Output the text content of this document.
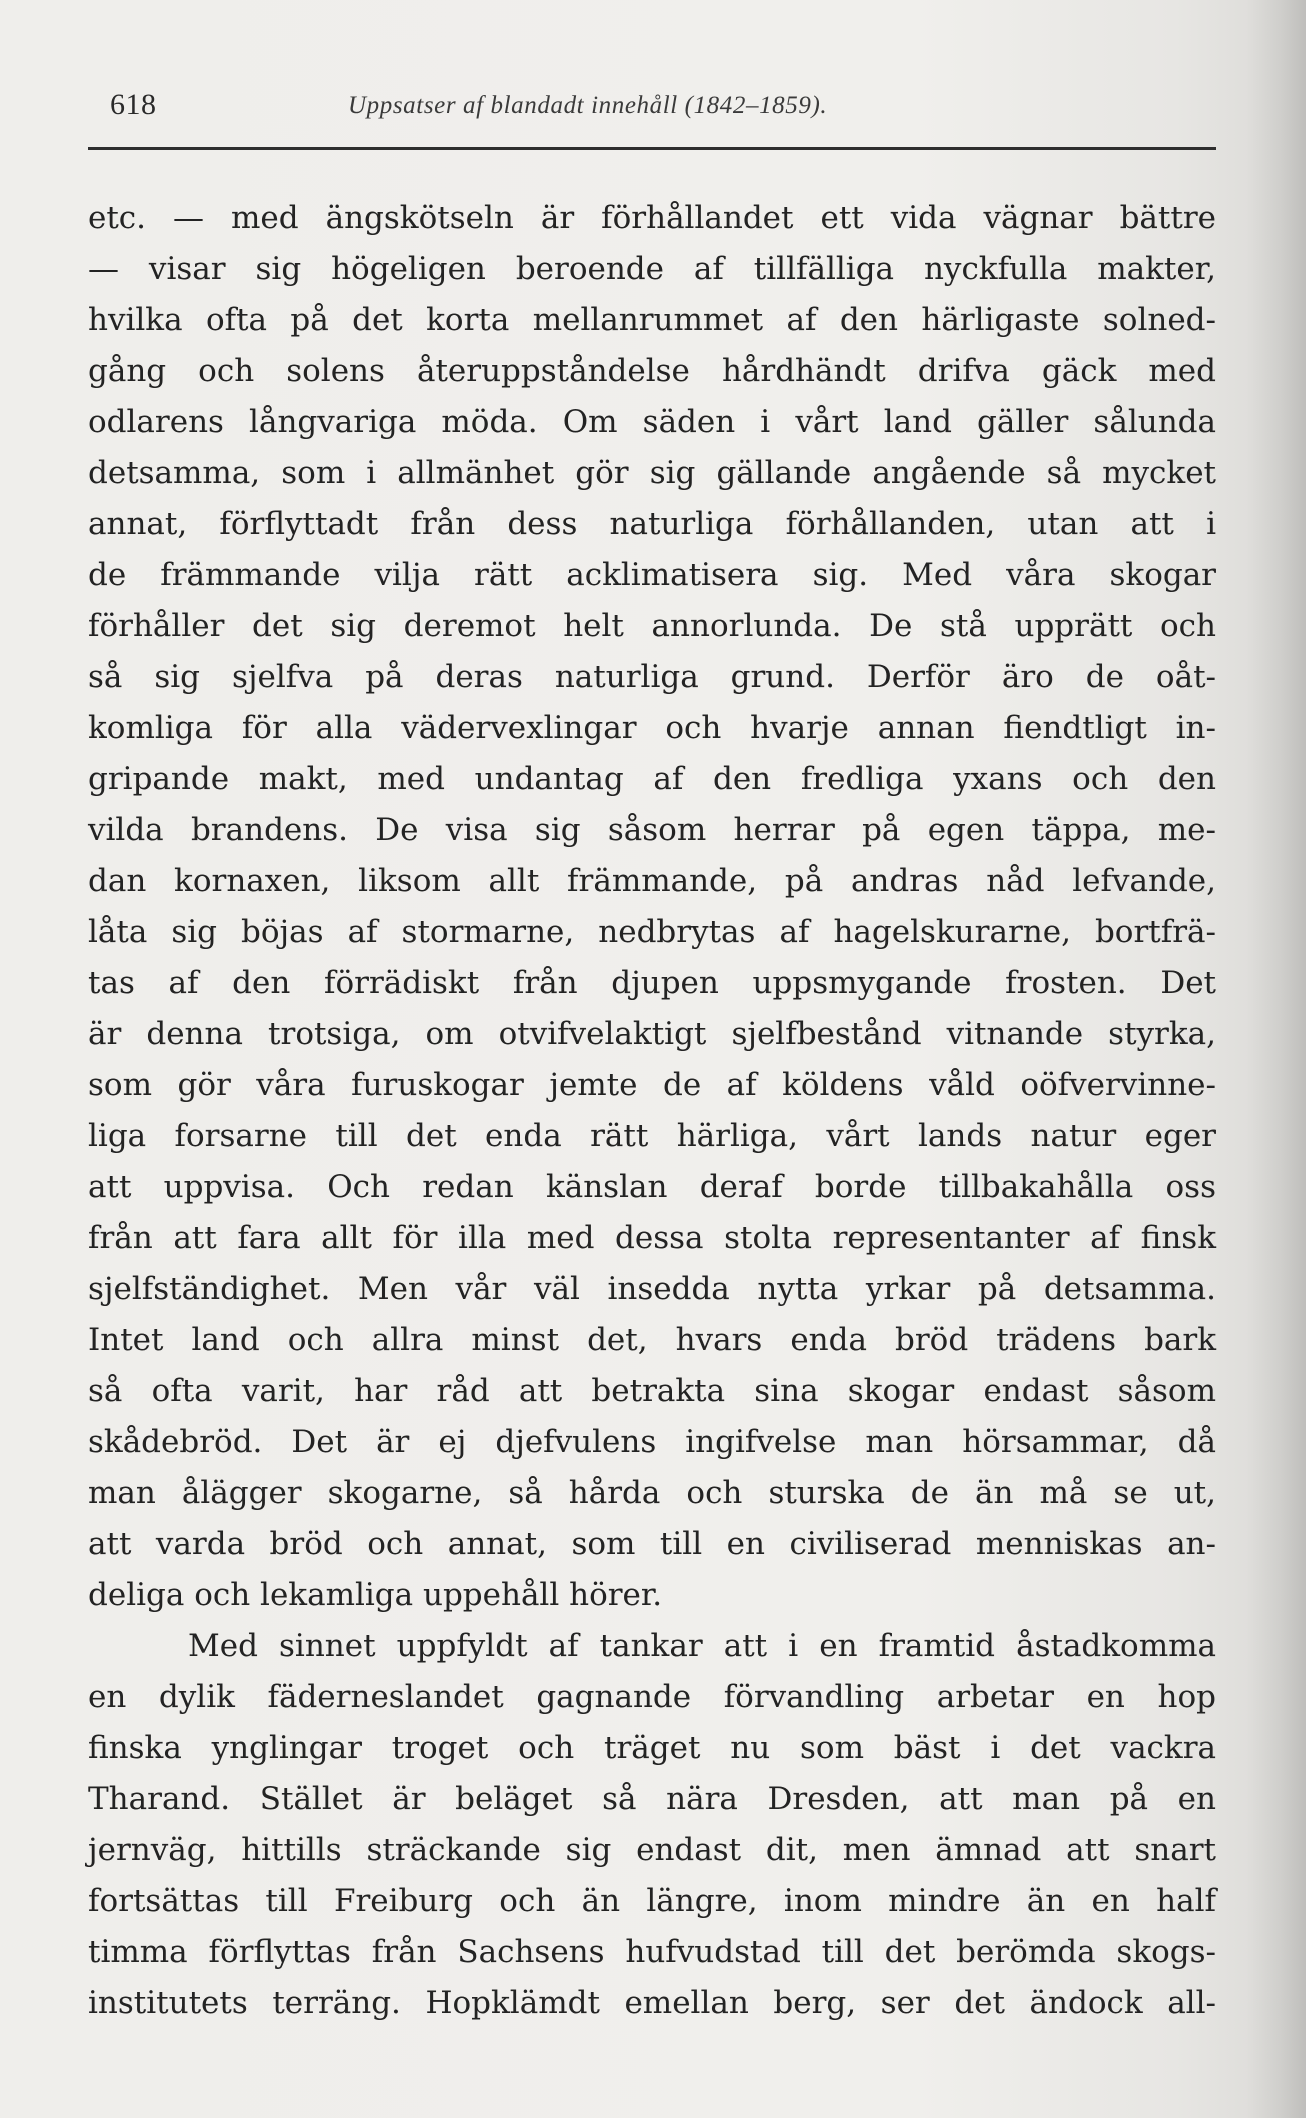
618	Uppsatser af blandadt innehåll (1842–1859).
etc. — med ängskötseln är förhållandet ett vida vägnar bättre
— visar sig högeligen beroende af tillfälliga nyckfulla makter,
hvilka ofta på det korta mellanrummet af den härligaste solned-
gång och solens återuppståndelse hårdhändt drifva gäck med
odlarens långvariga möda. Om säden i vårt land gäller sålunda
detsamma, som i allmänhet gör sig gällande angående så mycket
annat, förflyttadt från dess naturliga förhållanden, utan att i
de främmande vilja rätt acklimatisera sig. Med våra skogar
förhåller det sig deremot helt annorlunda. De stå upprätt och
så sig sjelfva på deras naturliga grund. Derför äro de oåt-
komliga för alla vädervexlingar och hvarje annan fiendtligt in-
gripande makt, med undantag af den fredliga yxans och den
vilda brandens. De visa sig såsom herrar på egen täppa, me-
dan kornaxen, liksom allt främmande, på andras nåd lefvande,
låta sig böjas af stormarne, nedbrytas af hagelskurarne, bortfrä-
tas af den förrädiskt från djupen uppsmygande frosten. Det
är denna trotsiga, om otvifvelaktigt sjelfbestånd vitnande styrka,
som gör våra furuskogar jemte de af köldens våld oöfvervinne-
liga forsarne till det enda rätt härliga, vårt lands natur eger
att uppvisa. Och redan känslan deraf borde tillbakahålla oss
från att fara allt för illa med dessa stolta representanter af finsk
sjelfständighet. Men vår väl insedda nytta yrkar på detsamma.
Intet land och allra minst det, hvars enda bröd trädens bark
så ofta varit, har råd att betrakta sina skogar endast såsom
skådebröd. Det är ej djefvulens ingifvelse man hörsammar, då
man ålägger skogarne, så hårda och sturska de än må se ut,
att varda bröd och annat, som till en civiliserad menniskas an-
deliga och lekamliga uppehåll hörer.
Med sinnet uppfyldt af tankar att i en framtid åstadkomma
en dylik fäderneslandet gagnande förvandling arbetar en hop
finska ynglingar troget och träget nu som bäst i det vackra
Tharand. Stället är beläget så nära Dresden, att man på en
jernväg, hittills sträckande sig endast dit, men ämnad att snart
fortsättas till Freiburg och än längre, inom mindre än en half
timma förflyttas från Sachsens hufvudstad till det berömda skogs-
institutets terräng. Hopklämdt emellan berg, ser det ändock all-
